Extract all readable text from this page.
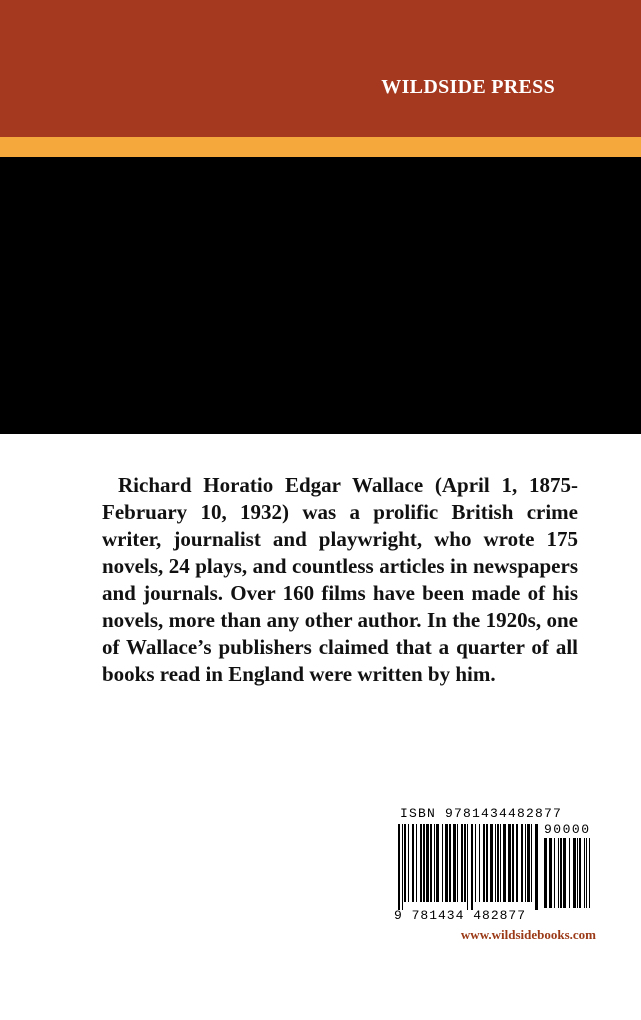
WILDSIDE PRESS
Richard Horatio Edgar Wallace (April 1, 1875-February 10, 1932) was a prolific British crime writer, journalist and playwright, who wrote 175 novels, 24 plays, and countless articles in newspapers and journals. Over 160 films have been made of his novels, more than any other author. In the 1920s, one of Wallace’s publishers claimed that a quarter of all books read in England were written by him.
ISBN 9781434482877
90000
9 781434 482877
www.wildsidebooks.com
